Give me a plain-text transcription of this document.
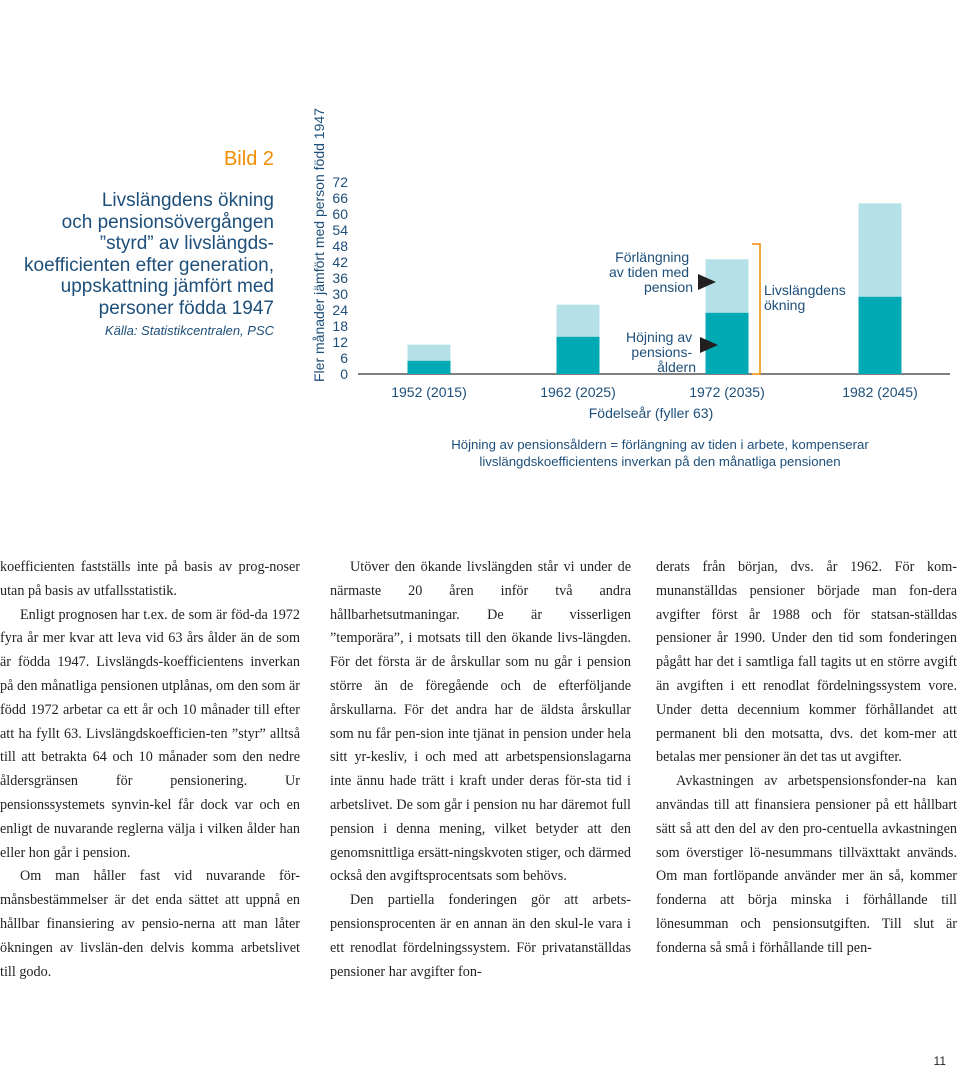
Bild 2
Livslängdens ökning
och pensionsövergången
”styrd” av livslängds-
koefficienten efter generation,
uppskattning jämfört med
personer födda 1947
Källa: Statistikcentralen, PSC	Fler månader jämfört med person född 1947 72
66
60
54
48
42
36
30
24
18
12
6
0
1952 (2015)	1962 (2025)	1972 (2035)	1982 (2045)
Födelseår (fyller 63)
Förlängning av tiden med pension
Höjning av pensions- åldern
Livslängdens ökning
Höjning av pensionsåldern = förlängning av tiden i arbete, kompenserar
livslängdskoefficientens inverkan på den månatliga pensionen

koefficienten fastställs inte på basis av prog-noser utan på basis av utfallsstatistik.

Enligt prognosen har t.ex. de som är föd-da 1972 fyra år mer kvar att leva vid 63 års ålder än de som är födda 1947. Livslängds-koefficientens inverkan på den månatliga pensionen utplånas, om den som är född 1972 arbetar ca ett år och 10 månader till efter att ha fyllt 63. Livslängdskoefficien-ten ”styr” alltså till att betrakta 64 och 10 månader som den nedre åldersgränsen för pensionering. Ur pensionssystemets synvin-kel får dock var och en enligt de nuvarande reglerna välja i vilken ålder han eller hon går i pension.

Om man håller fast vid nuvarande för-månsbestämmelser är det enda sättet att uppnå en hållbar finansiering av pensio-nerna att man låter ökningen av livslän-den delvis komma arbetslivet till godo.

Utöver den ökande livslängden står vi under de närmaste 20 åren inför två andra hållbarhetsutmaningar. De är visserligen ”temporära”, i motsats till den ökande livs-längden. För det första är de årskullar som nu går i pension större än de föregående och de efterföljande årskullarna. För det andra har de äldsta årskullar som nu får pen-sion inte tjänat in pension under hela sitt yr-kesliv, i och med att arbetspensionslagarna inte ännu hade trätt i kraft under deras för-sta tid i arbetslivet. De som går i pension nu har däremot full pension i denna mening, vilket betyder att den genomsnittliga ersätt-ningskvoten stiger, och därmed också den avgiftsprocentsats som behövs.

Den partiella fonderingen gör att arbets-pensionsprocenten är en annan än den skul-le vara i ett renodlat fördelningssystem. För privatanställdas pensioner har avgifter fon-

derats från början, dvs. år 1962. För kom-munanställdas pensioner började man fon-dera avgifter först år 1988 och för statsan-ställdas pensioner år 1990. Under den tid som fonderingen pågått har det i samtliga fall tagits ut en större avgift än avgiften i ett renodlat fördelningssystem vore. Under detta decennium kommer förhållandet att permanent bli den motsatta, dvs. det kom-mer att betalas mer pensioner än det tas ut avgifter.

Avkastningen av arbetspensionsfonder-na kan användas till att finansiera pensioner på ett hållbart sätt så att den del av den pro-centuella avkastningen som överstiger lö-nesummans tillväxttakt används. Om man fortlöpande använder mer än så, kommer fonderna att börja minska i förhållande till lönesumman och pensionsutgiften. Till slut är fonderna så små i förhållande till pen-

11
